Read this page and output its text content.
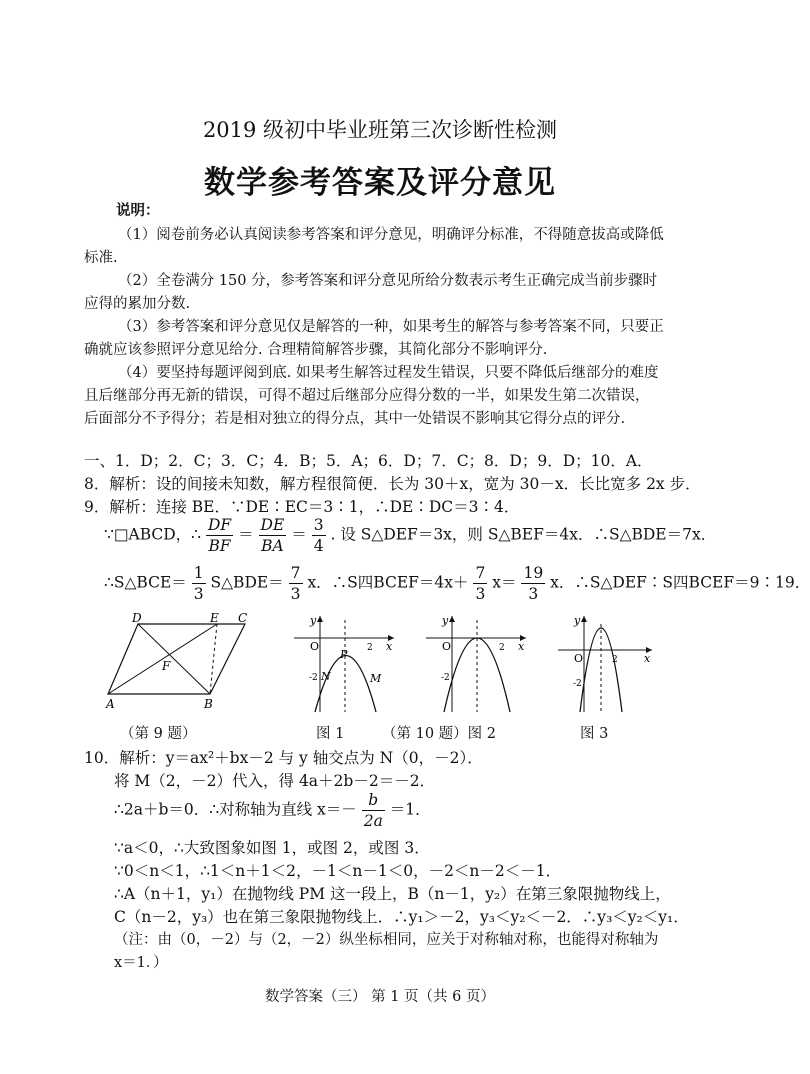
2019 级初中毕业班第三次诊断性检测
数学参考答案及评分意见
说明：
（1）阅卷前务必认真阅读参考答案和评分意见，明确评分标准，不得随意拔高或降低
标准.
（2）全卷满分 150 分，参考答案和评分意见所给分数表示考生正确完成当前步骤时
应得的累加分数.
（3）参考答案和评分意见仅是解答的一种，如果考生的解答与参考答案不同，只要正
确就应该参照评分意见给分. 合理精简解答步骤，其简化部分不影响评分.
（4）要坚持每题评阅到底. 如果考生解答过程发生错误，只要不降低后继部分的难度
且后继部分再无新的错误，可得不超过后继部分应得分数的一半，如果发生第二次错误，
后面部分不予得分；若是相对独立的得分点，其中一处错误不影响其它得分点的评分.
一、1．D；2．C；3．C；4．B；5．A；6．D；7．C；8．D；9．D；10．A．
8．解析：设的间接未知数，解方程很简便．长为 30＋x，宽为 30－x．长比宽多 2x 步．
9．解析：连接 BE．∵DE∶EC＝3∶1，∴DE∶DC＝3∶4．
∵□ABCD，∴ $\frac{DF}{BF} = \frac{DE}{BA} = \frac{3}{4}$ . 设 S△DEF＝3x，则 S△BEF＝4x．∴S△BDE＝7x．
∴S△BCE＝ $\frac{1}{3}$ S△BDE＝ $\frac{7}{3}$ x．∴S四BCEF＝4x＋ $\frac{7}{3} x= \frac{19}{3}$ x．∴S△DEF∶S四BCEF＝9∶19．
D	E C
F
A	B
y
x
O	2
-2
P
N	M
y
x
O	2
-2
y
x
O	2
-2
（第 9 题）	图 1	（第 10 题）图 2	图 3
10．解析：y＝ax²＋bx－2 与 y 轴交点为 N（0，－2）．
将 M（2，－2）代入，得 4a＋2b－2＝－2．
∴2a＋b＝0．∴对称轴为直线 $x=- \frac{b}{2a} =1$．
∵a＜0，∴大致图象如图 1，或图 2，或图 3．
∵0＜n＜1，∴1＜n＋1＜2，－1＜n－1＜0，－2＜n－2＜－1．
∴A（n＋1，y₁）在抛物线 PM 这一段上，B（n－1，y₂）在第三象限抛物线上，
C（n－2，y₃）也在第三象限抛物线上．∴y₁＞－2，y₃＜y₂＜－2．∴y₃＜y₂＜y₁．
（注：由（0，－2）与（2，－2）纵坐标相同，应关于对称轴对称，也能得对称轴为
x＝1．）
数学答案（三） 第 1 页（共 6 页）
